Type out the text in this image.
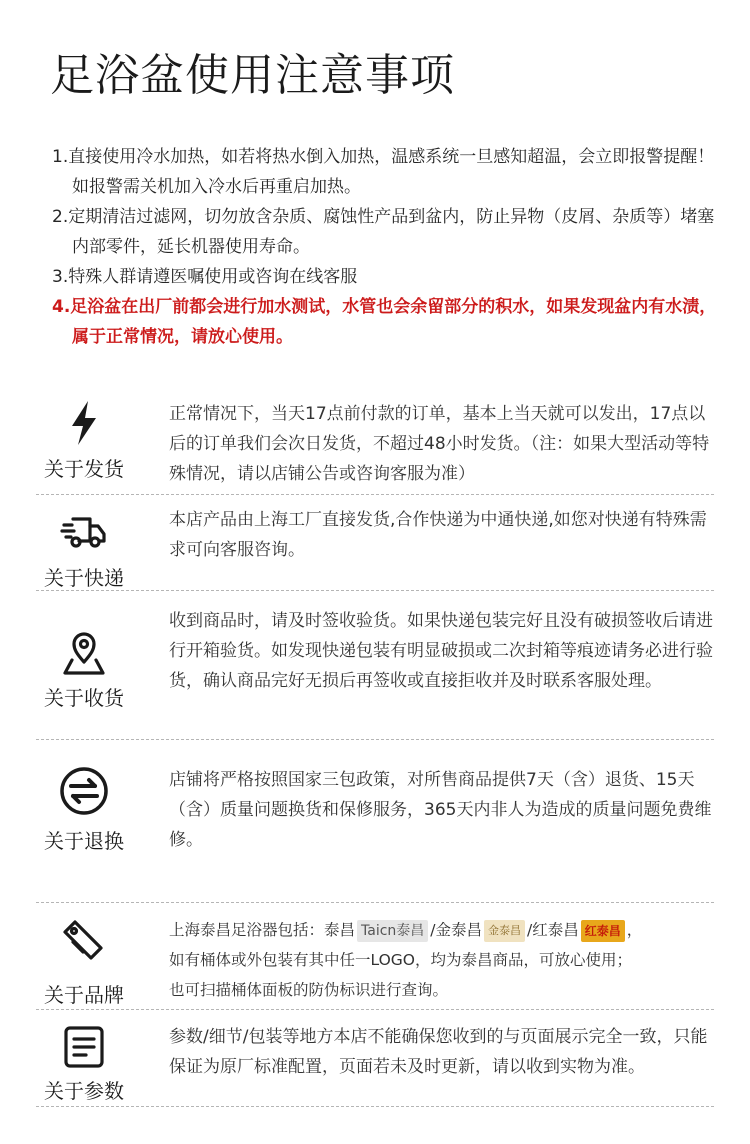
足浴盆使用注意事项
1.直接使用冷水加热，如若将热水倒入加热，温感系统一旦感知超温，会立即报警提醒！如报警需关机加入冷水后再重启加热。
2.定期清洁过滤网，切勿放含杂质、腐蚀性产品到盆内，防止异物（皮屑、杂质等）堵塞内部零件，延长机器使用寿命。
3.特殊人群请遵医嘱使用或咨询在线客服
4.足浴盆在出厂前都会进行加水测试，水管也会余留部分的积水，如果发现盆内有水渍，属于正常情况，请放心使用。
关于发货

正常情况下，当天17点前付款的订单，基本上当天就可以发出，17点以后的订单我们会次日发货，不超过48小时发货。（注：如果大型活动等特殊情况，请以店铺公告或咨询客服为准）

关于快递

本店产品由上海工厂直接发货,合作快递为中通快递,如您对快递有特殊需求可向客服咨询。

关于收货

收到商品时，请及时签收验货。如果快递包装完好且没有破损签收后请进行开箱验货。如发现快递包装有明显破损或二次封箱等痕迹请务必进行验货，确认商品完好无损后再签收或直接拒收并及时联系客服处理。

关于退换

店铺将严格按照国家三包政策，对所售商品提供7天（含）退货、15天（含）质量问题换货和保修服务，365天内非人为造成的质量问题免费维修。

关于品牌

上海泰昌足浴器包括：泰昌 Taicn泰昌 /金泰昌 金泰昌 /红泰昌 红泰昌 ，
如有桶体或外包装有其中任一LOGO，均为泰昌商品，可放心使用；
也可扫描桶体面板的防伪标识进行查询。

关于参数

参数/细节/包装等地方本店不能确保您收到的与页面展示完全一致，只能保证为原厂标准配置，页面若未及时更新，请以收到实物为准。
